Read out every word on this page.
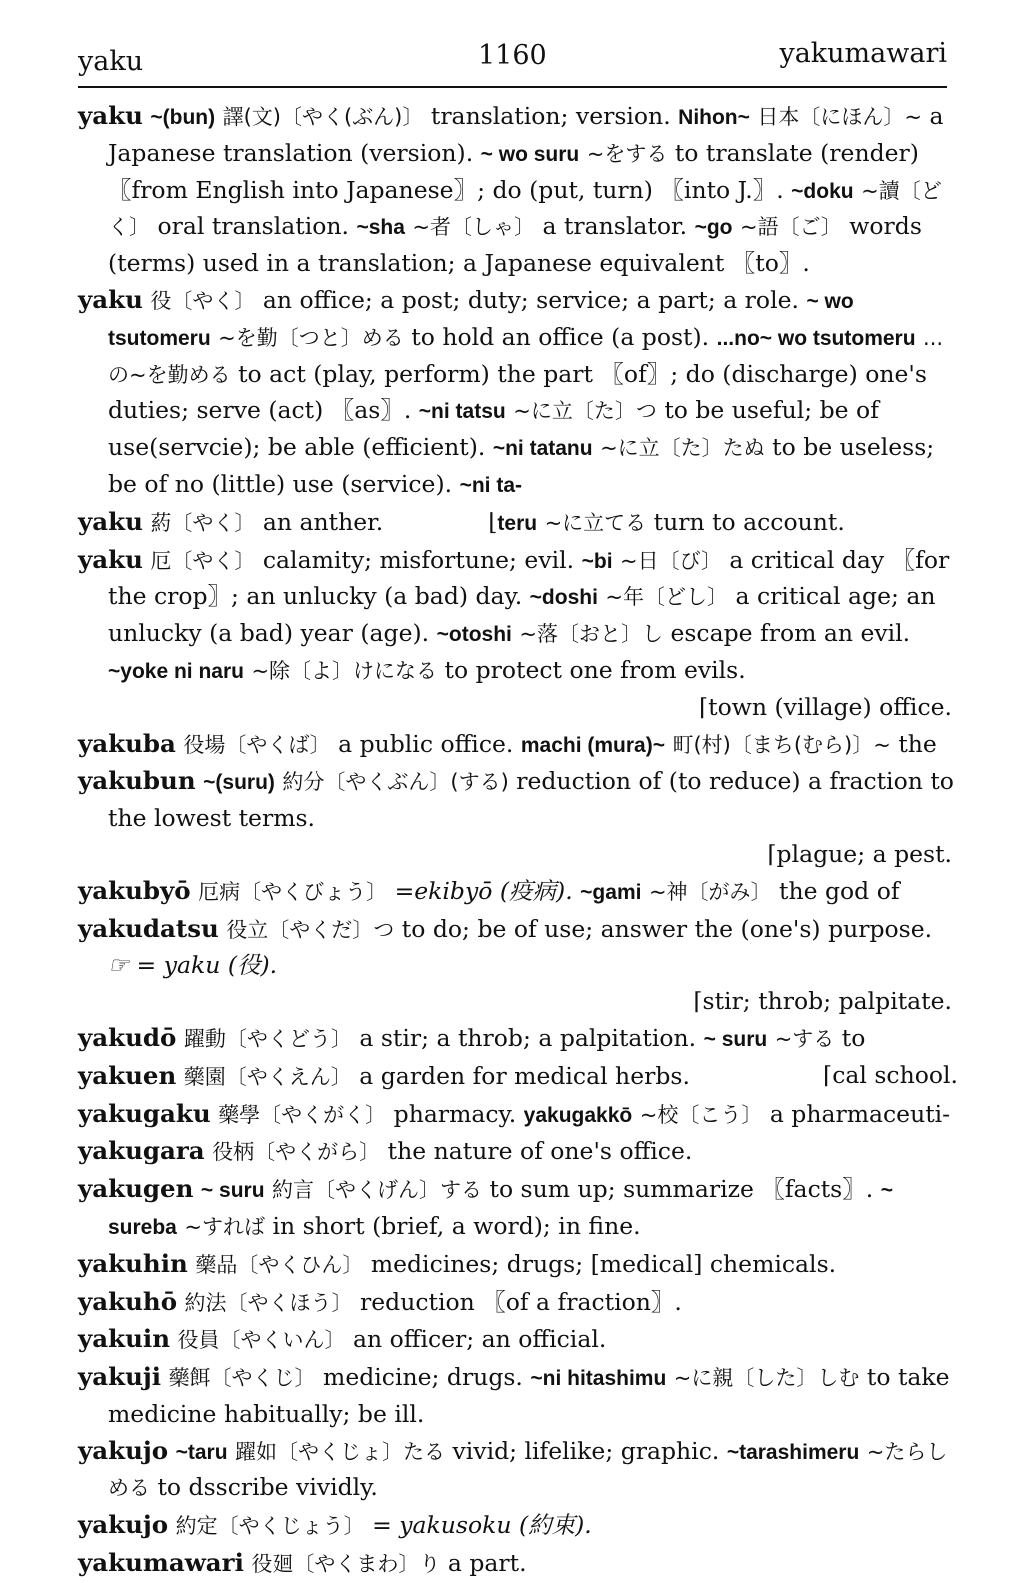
yaku	1160	yakumawari

yaku ~(bun) 譯(文)〔やく(ぶん)〕 translation; version. Nihon~ 日本〔にほん〕~ a Japanese translation (version). ~ wo suru ~をする to translate (render) 〖from English into Japanese〗; do (put, turn) 〖into J.〗. ~doku ~讀〔どく〕 oral translation. ~sha ~者〔しゃ〕 a translator. ~go ~語〔ご〕 words (terms) used in a translation; a Japanese equivalent 〖to〗.

yaku 役〔やく〕 an office; a post; duty; service; a part; a role. ~ wo tsutomeru ~を勤〔つと〕める to hold an office (a post). ...no~ wo tsutomeru ...の~を勤める to act (play, perform) the part 〖of〗; do (discharge) one's duties; serve (act) 〖as〗. ~ni tatsu ~に立〔た〕つ to be useful; be of use(servcie); be able (efficient). ~ni tatanu ~に立〔た〕たぬ to be useless; be of no (little) use (service). ~ni ta-

yaku 葯〔やく〕 an anther.	⌊teru ~に立てる turn to account.

yaku 厄〔やく〕 calamity; misfortune; evil. ~bi ~日〔び〕 a critical day 〖for the crop〗; an unlucky (a bad) day. ~doshi ~年〔どし〕 a critical age; an unlucky (a bad) year (age). ~otoshi ~落〔おと〕し escape from an evil. ~yoke ni naru ~除〔よ〕けになる to protect one from evils.

⌈town (village) office.

yakuba 役場〔やくば〕 a public office. machi (mura)~ 町(村)〔まち(むら)〕~ the

yakubun ~(suru) 約分〔やくぶん〕(する) reduction of (to reduce) a fraction to the lowest terms.

⌈plague; a pest.

yakubyō 厄病〔やくびょう〕 =ekibyō (疫病). ~gami ~神〔がみ〕 the god of

yakudatsu 役立〔やくだ〕つ to do; be of use; answer the (one's) purpose. ☞ = yaku (役).

⌈stir; throb; palpitate.

yakudō 躍動〔やくどう〕 a stir; a throb; a palpitation. ~ suru ~する to

yakuen 藥園〔やくえん〕 a garden for medical herbs.	⌈cal school.

yakugaku 藥學〔やくがく〕 pharmacy. yakugakkō ~校〔こう〕 a pharmaceuti-

yakugara 役柄〔やくがら〕 the nature of one's office.

yakugen ~ suru 約言〔やくげん〕する to sum up; summarize 〖facts〗. ~ sureba ~すれば in short (brief, a word); in fine.

yakuhin 藥品〔やくひん〕 medicines; drugs; [medical] chemicals.

yakuhō 約法〔やくほう〕 reduction 〖of a fraction〗.

yakuin 役員〔やくいん〕 an officer; an official.

yakuji 藥餌〔やくじ〕 medicine; drugs. ~ni hitashimu ~に親〔した〕しむ to take medicine habitually; be ill.

yakujo ~taru 躍如〔やくじょ〕たる vivid; lifelike; graphic. ~tarashimeru ~たらしめる to dsscribe vividly.

yakujo 約定〔やくじょう〕 = yakusoku (約束).

yakumawari 役廻〔やくまわ〕り a part.
